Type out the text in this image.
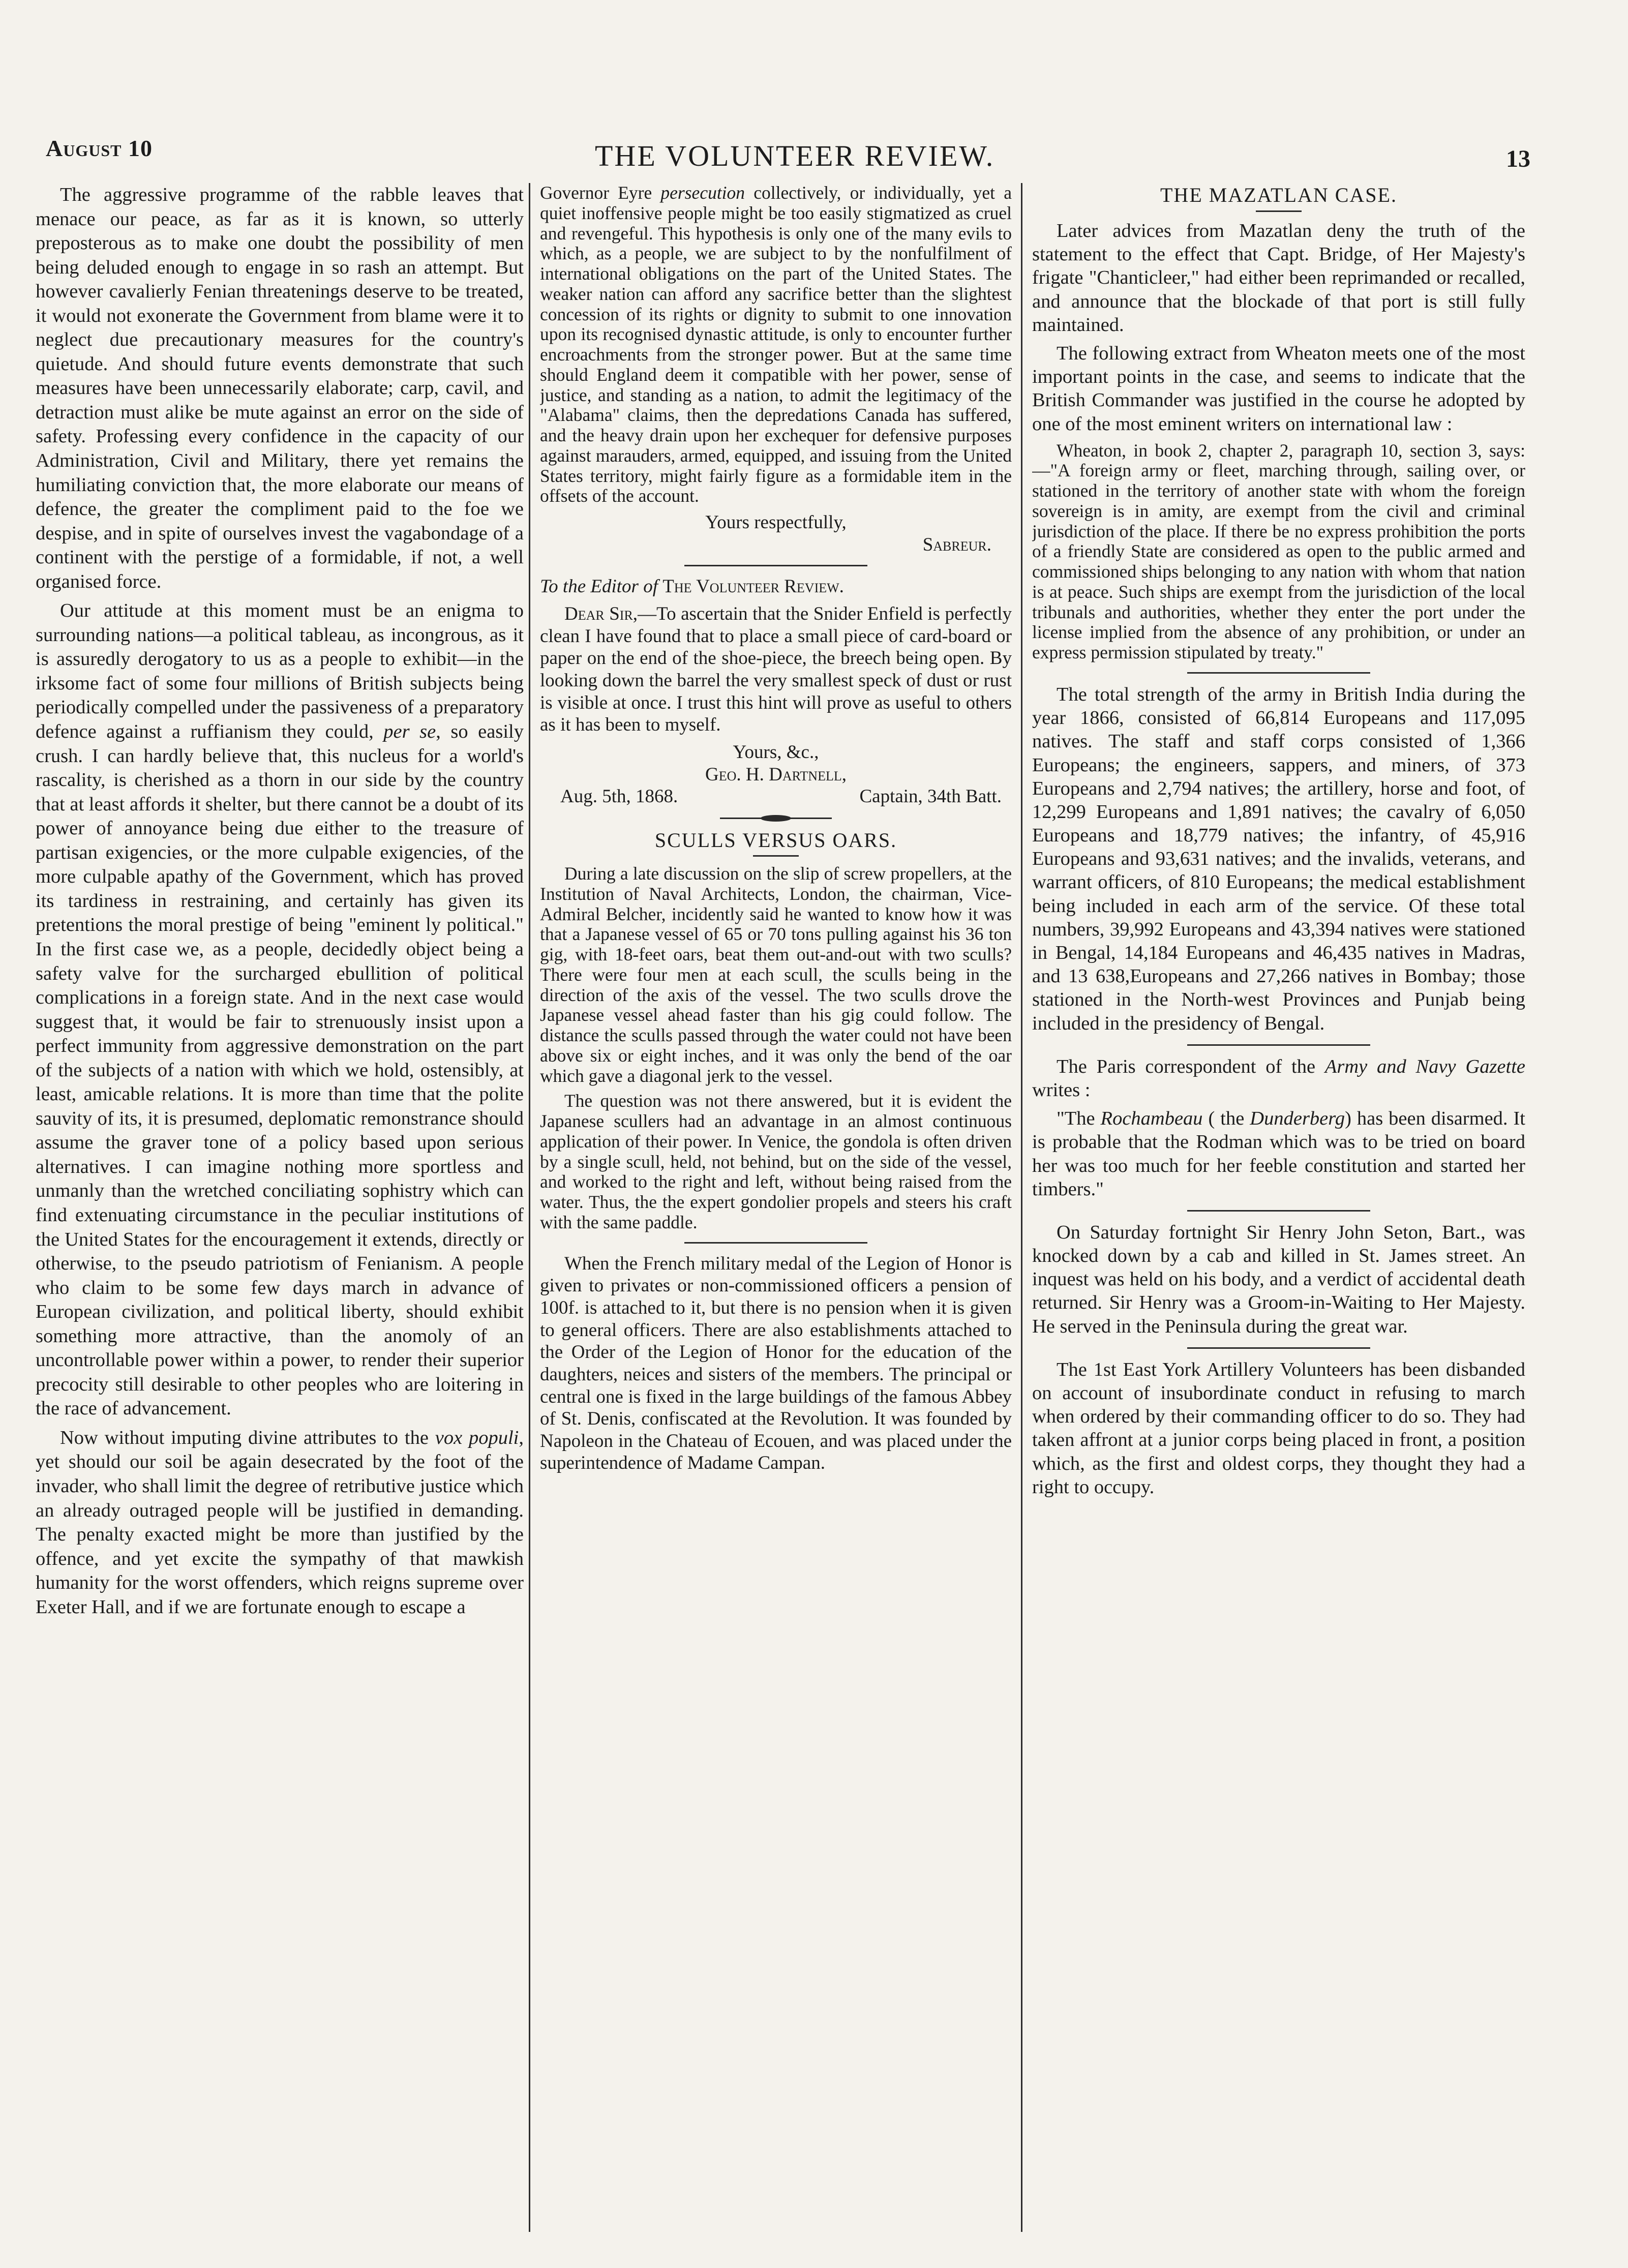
August 10	THE VOLUNTEER REVIEW.	13

The aggressive programme of the rabble leaves that menace our peace, as far as it is known, so utterly preposterous as to make one doubt the possibility of men being deluded enough to engage in so rash an attempt. But however cavalierly Fenian threatenings deserve to be treated, it would not exonerate the Government from blame were it to neglect due precautionary measures for the country's quietude. And should future events demonstrate that such measures have been unnecessarily elaborate; carp, cavil, and detraction must alike be mute against an error on the side of safety. Professing every confidence in the capacity of our Administration, Civil and Military, there yet remains the humiliating conviction that, the more elaborate our means of defence, the greater the compliment paid to the foe we despise, and in spite of ourselves invest the vagabondage of a continent with the perstige of a formidable, if not, a well organised force.

Our attitude at this moment must be an enigma to surrounding nations—a political tableau, as incongrous, as it is assuredly derogatory to us as a people to exhibit—in the irksome fact of some four millions of British subjects being periodically compelled under the passiveness of a preparatory defence against a ruffianism they could, per se, so easily crush. I can hardly believe that, this nucleus for a world's rascality, is cherished as a thorn in our side by the country that at least affords it shelter, but there cannot be a doubt of its power of annoyance being due either to the treasure of partisan exigencies, or the more culpable exigencies, of the more culpable apathy of the Government, which has proved its tardiness in restraining, and certainly has given its pretentions the moral prestige of being "eminent ly political." In the first case we, as a people, decidedly object being a safety valve for the surcharged ebullition of political complications in a foreign state. And in the next case would suggest that, it would be fair to strenuously insist upon a perfect immunity from aggressive demonstration on the part of the subjects of a nation with which we hold, ostensibly, at least, amicable relations. It is more than time that the polite sauvity of its, it is presumed, deplomatic remonstrance should assume the graver tone of a policy based upon serious alternatives. I can imagine nothing more sportless and unmanly than the wretched conciliating sophistry which can find extenuating circumstance in the peculiar institutions of the United States for the encouragement it extends, directly or otherwise, to the pseudo patriotism of Fenianism. A people who claim to be some few days march in advance of European civilization, and political liberty, should exhibit something more attractive, than the anomoly of an uncontrollable power within a power, to render their superior precocity still desirable to other peoples who are loitering in the race of advancement.

Now without imputing divine attributes to the vox populi, yet should our soil be again desecrated by the foot of the invader, who shall limit the degree of retributive justice which an already outraged people will be justified in demanding. The penalty exacted might be more than justified by the offence, and yet excite the sympathy of that mawkish humanity for the worst offenders, which reigns supreme over Exeter Hall, and if we are fortunate enough to escape a

Governor Eyre persecution collectively, or individually, yet a quiet inoffensive people might be too easily stigmatized as cruel and revengeful. This hypothesis is only one of the many evils to which, as a people, we are subject to by the nonfulfilment of international obligations on the part of the United States. The weaker nation can afford any sacrifice better than the slightest concession of its rights or dignity to submit to one innovation upon its recognised dynastic attitude, is only to encounter further encroachments from the stronger power. But at the same time should England deem it compatible with her power, sense of justice, and standing as a nation, to admit the legitimacy of the "Alabama" claims, then the depredations Canada has suffered, and the heavy drain upon her exchequer for defensive purposes against marauders, armed, equipped, and issuing from the United States territory, might fairly figure as a formidable item in the offsets of the account.

Yours respectfully,

Sabreur.

To the Editor of The Volunteer Review.

Dear Sir,—To ascertain that the Snider Enfield is perfectly clean I have found that to place a small piece of card-board or paper on the end of the shoe-piece, the breech being open. By looking down the barrel the very smallest speck of dust or rust is visible at once. I trust this hint will prove as useful to others as it has been to myself.

Yours, &c.,

Geo. H. Dartnell,

Aug. 5th, 1868.	Captain, 34th Batt.
SCULLS VERSUS OARS.

During a late discussion on the slip of screw propellers, at the Institution of Naval Architects, London, the chairman, Vice-Admiral Belcher, incidently said he wanted to know how it was that a Japanese vessel of 65 or 70 tons pulling against his 36 ton gig, with 18-feet oars, beat them out-and-out with two sculls? There were four men at each scull, the sculls being in the direction of the axis of the vessel. The two sculls drove the Japanese vessel ahead faster than his gig could follow. The distance the sculls passed through the water could not have been above six or eight inches, and it was only the bend of the oar which gave a diagonal jerk to the vessel.

The question was not there answered, but it is evident the Japanese scullers had an advantage in an almost continuous application of their power. In Venice, the gondola is often driven by a single scull, held, not behind, but on the side of the vessel, and worked to the right and left, without being raised from the water. Thus, the the expert gondolier propels and steers his craft with the same paddle.

When the French military medal of the Legion of Honor is given to privates or non-commissioned officers a pension of 100f. is attached to it, but there is no pension when it is given to general officers. There are also establishments attached to the Order of the Legion of Honor for the education of the daughters, neices and sisters of the members. The principal or central one is fixed in the large buildings of the famous Abbey of St. Denis, confiscated at the Revolution. It was founded by Napoleon in the Chateau of Ecouen, and was placed under the superintendence of Madame Campan.

THE MAZATLAN CASE.

Later advices from Mazatlan deny the truth of the statement to the effect that Capt. Bridge, of Her Majesty's frigate "Chanticleer," had either been reprimanded or recalled, and announce that the blockade of that port is still fully maintained.

The following extract from Wheaton meets one of the most important points in the case, and seems to indicate that the British Commander was justified in the course he adopted by one of the most eminent writers on international law :

Wheaton, in book 2, chapter 2, paragraph 10, section 3, says:—"A foreign army or fleet, marching through, sailing over, or stationed in the territory of another state with whom the foreign sovereign is in amity, are exempt from the civil and criminal jurisdiction of the place. If there be no express prohibition the ports of a friendly State are considered as open to the public armed and commissioned ships belonging to any nation with whom that nation is at peace. Such ships are exempt from the jurisdiction of the local tribunals and authorities, whether they enter the port under the license implied from the absence of any prohibition, or under an express permission stipulated by treaty."

The total strength of the army in British India during the year 1866, consisted of 66,814 Europeans and 117,095 natives. The staff and staff corps consisted of 1,366 Europeans; the engineers, sappers, and miners, of 373 Europeans and 2,794 natives; the artillery, horse and foot, of 12,299 Europeans and 1,891 natives; the cavalry of 6,050 Europeans and 18,779 natives; the infantry, of 45,916 Europeans and 93,631 natives; and the invalids, veterans, and warrant officers, of 810 Europeans; the medical establishment being included in each arm of the service. Of these total numbers, 39,992 Europeans and 43,394 natives were stationed in Bengal, 14,184 Europeans and 46,435 natives in Madras, and 13 638,Europeans and 27,266 natives in Bombay; those stationed in the North-west Provinces and Punjab being included in the presidency of Bengal.

The Paris correspondent of the Army and Navy Gazette writes :

"The Rochambeau ( the Dunderberg) has been disarmed. It is probable that the Rodman which was to be tried on board her was too much for her feeble constitution and started her timbers."

On Saturday fortnight Sir Henry John Seton, Bart., was knocked down by a cab and killed in St. James street. An inquest was held on his body, and a verdict of accidental death returned. Sir Henry was a Groom-in-Waiting to Her Majesty. He served in the Peninsula during the great war.

The 1st East York Artillery Volunteers has been disbanded on account of insubordinate conduct in refusing to march when ordered by their commanding officer to do so. They had taken affront at a junior corps being placed in front, a position which, as the first and oldest corps, they thought they had a right to occupy.
